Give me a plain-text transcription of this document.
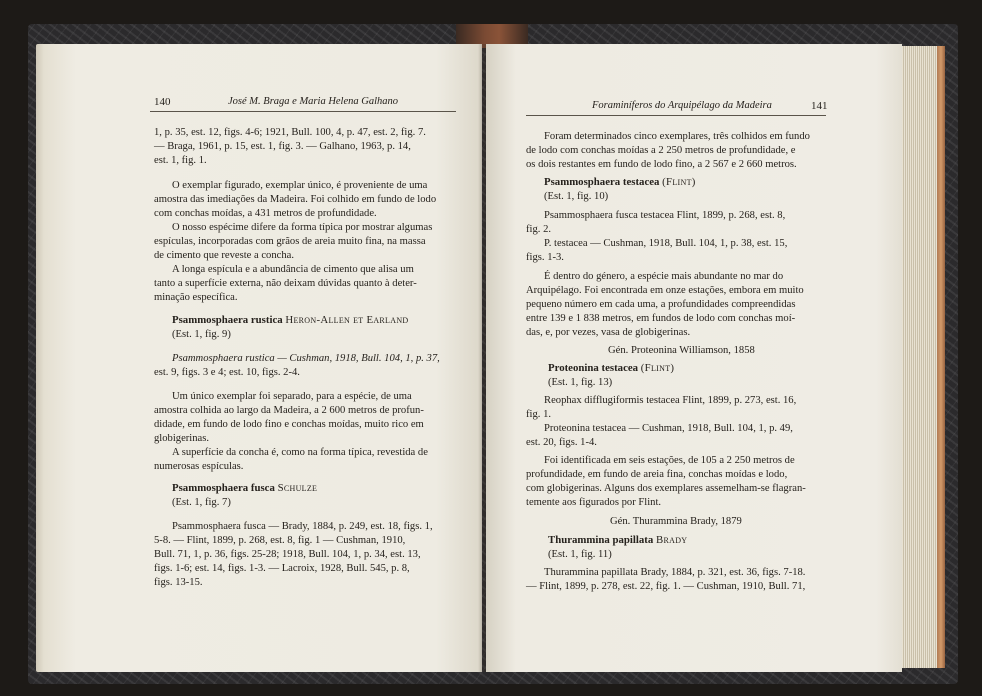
140	José M. Braga e Maria Helena Galhano
1, p. 35, est. 12, figs. 4-6; 1921, Bull. 100, 4, p. 47, est. 2, fig. 7.
— Braga, 1961, p. 15, est. 1, fig. 3. — Galhano, 1963, p. 14,
est. 1, fig. 1.
O exemplar figurado, exemplar único, é proveniente de uma
amostra das imediações da Madeira. Foi colhido em fundo de lodo
com conchas moídas, a 431 metros de profundidade.
O nosso espécime difere da forma típica por mostrar algumas
espículas, incorporadas com grãos de areia muito fina, na massa
de cimento que reveste a concha.
A longa espícula e a abundância de cimento que alisa um
tanto a superfície externa, não deixam dúvidas quanto à deter-
minação específica.
Psammosphaera rustica Heron-Allen et Earland
(Est. 1, fig. 9)
Psammosphaera rustica — Cushman, 1918, Bull. 104, 1, p. 37,
est. 9, figs. 3 e 4; est. 10, figs. 2-4.
Um único exemplar foi separado, para a espécie, de uma
amostra colhida ao largo da Madeira, a 2 600 metros de profun-
didade, em fundo de lodo fino e conchas moídas, muito rico em
globigerinas.
A superfície da concha é, como na forma típica, revestida de
numerosas espículas.
Psammosphaera fusca Schulze
(Est. 1, fig. 7)
Psammosphaera fusca — Brady, 1884, p. 249, est. 18, figs. 1,
5-8. — Flint, 1899, p. 268, est. 8, fig. 1 — Cushman, 1910,
Bull. 71, 1, p. 36, figs. 25-28; 1918, Bull. 104, 1, p. 34, est. 13,
figs. 1-6; est. 14, figs. 1-3. — Lacroix, 1928, Bull. 545, p. 8,
figs. 13-15.
Foraminíferos do Arquipélago da Madeira	141
Foram determinados cinco exemplares, três colhidos em fundo
de lodo com conchas moídas a 2 250 metros de profundidade, e
os dois restantes em fundo de lodo fino, a 2 567 e 2 660 metros.
Psammosphaera testacea (Flint)
(Est. 1, fig. 10)
Psammosphaera fusca testacea Flint, 1899, p. 268, est. 8,
fig. 2.
P. testacea — Cushman, 1918, Bull. 104, 1, p. 38, est. 15,
figs. 1-3.
É dentro do género, a espécie mais abundante no mar do
Arquipélago. Foi encontrada em onze estações, embora em muito
pequeno número em cada uma, a profundidades compreendidas
entre 139 e 1 838 metros, em fundos de lodo com conchas moí-
das, e, por vezes, vasa de globigerinas.
Gén. Proteonina Williamson, 1858
Proteonina testacea (Flint)
(Est. 1, fig. 13)
Reophax difflugiformis testacea Flint, 1899, p. 273, est. 16,
fig. 1.
Proteonina testacea — Cushman, 1918, Bull. 104, 1, p. 49,
est. 20, figs. 1-4.
Foi identificada em seis estações, de 105 a 2 250 metros de
profundidade, em fundo de areia fina, conchas moídas e lodo,
com globigerinas. Alguns dos exemplares assemelham-se flagran-
temente aos figurados por Flint.
Gén. Thurammina Brady, 1879
Thurammina papillata Brady
(Est. 1, fig. 11)
Thurammina papillata Brady, 1884, p. 321, est. 36, figs. 7-18.
— Flint, 1899, p. 278, est. 22, fig. 1. — Cushman, 1910, Bull. 71,
